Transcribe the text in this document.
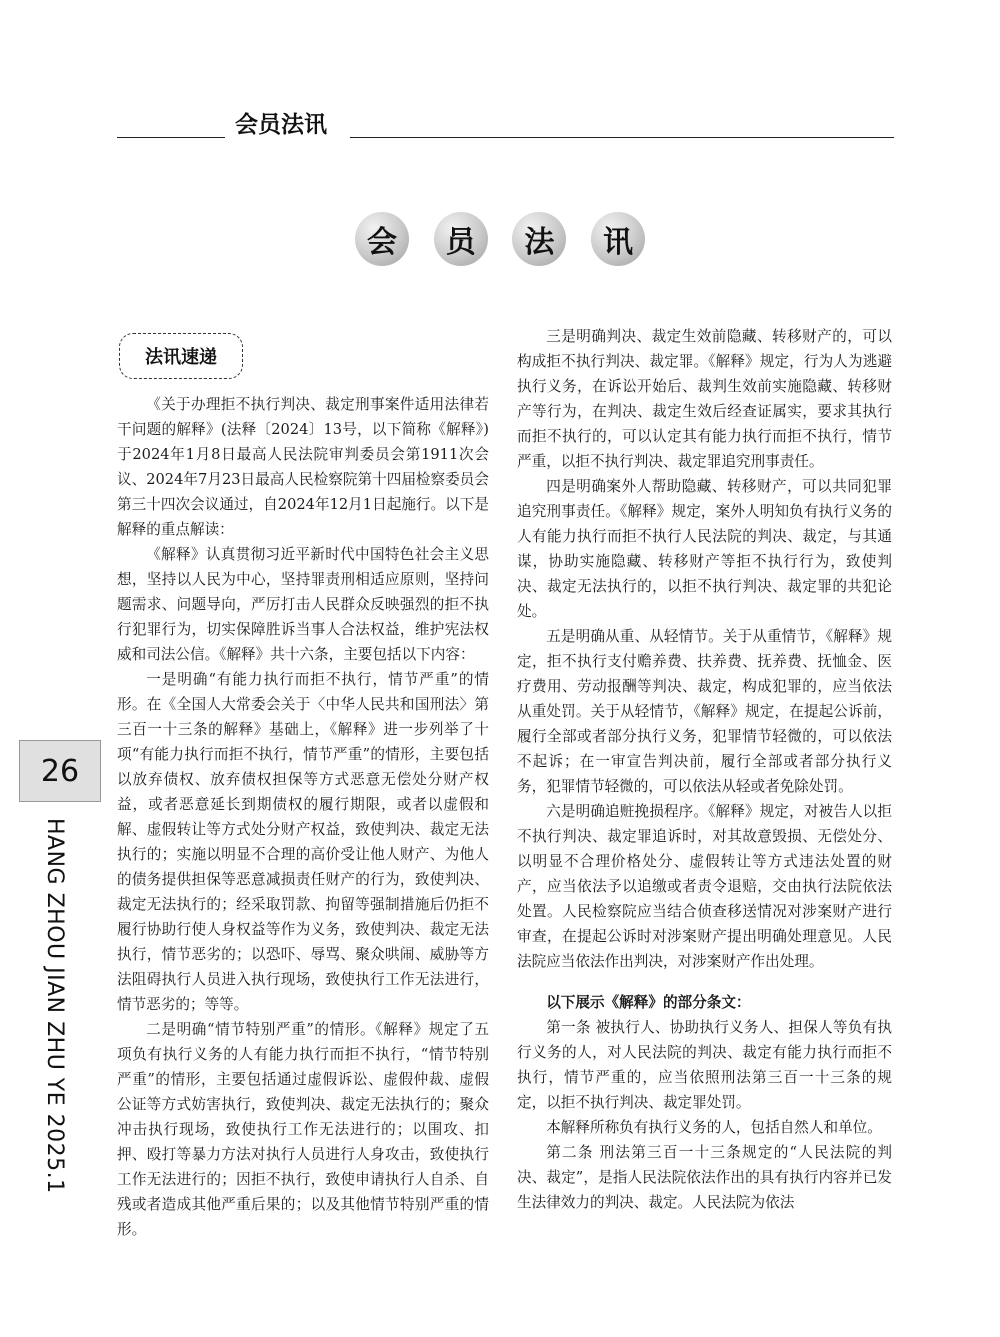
会员法讯
会	员	法	讯
法讯速递

《关于办理拒不执行判决、裁定刑事案件适用法律若干问题的解释》(法释〔2024〕13号，以下简称《解释》)于2024年1月8日最高人民法院审判委员会第1911次会议、2024年7月23日最高人民检察院第十四届检察委员会第三十四次会议通过，自2024年12月1日起施行。以下是解释的重点解读：

《解释》认真贯彻习近平新时代中国特色社会主义思想，坚持以人民为中心，坚持罪责刑相适应原则，坚持问题需求、问题导向，严厉打击人民群众反映强烈的拒不执行犯罪行为，切实保障胜诉当事人合法权益，维护宪法权威和司法公信。《解释》共十六条，主要包括以下内容：

一是明确“有能力执行而拒不执行，情节严重”的情形。在《全国人大常委会关于〈中华人民共和国刑法〉第三百一十三条的解释》基础上，《解释》进一步列举了十项“有能力执行而拒不执行，情节严重”的情形，主要包括以放弃债权、放弃债权担保等方式恶意无偿处分财产权益，或者恶意延长到期债权的履行期限，或者以虚假和解、虚假转让等方式处分财产权益，致使判决、裁定无法执行的；实施以明显不合理的高价受让他人财产、为他人的债务提供担保等恶意减损责任财产的行为，致使判决、裁定无法执行的；经采取罚款、拘留等强制措施后仍拒不履行协助行使人身权益等作为义务，致使判决、裁定无法执行，情节恶劣的；以恐吓、辱骂、聚众哄闹、威胁等方法阻碍执行人员进入执行现场，致使执行工作无法进行，情节恶劣的；等等。

二是明确“情节特别严重”的情形。《解释》规定了五项负有执行义务的人有能力执行而拒不执行，“情节特别严重”的情形，主要包括通过虚假诉讼、虚假仲裁、虚假公证等方式妨害执行，致使判决、裁定无法执行的；聚众冲击执行现场，致使执行工作无法进行的；以围攻、扣押、殴打等暴力方法对执行人员进行人身攻击，致使执行工作无法进行的；因拒不执行，致使申请执行人自杀、自残或者造成其他严重后果的；以及其他情节特别严重的情形。

三是明确判决、裁定生效前隐藏、转移财产的，可以构成拒不执行判决、裁定罪。《解释》规定，行为人为逃避执行义务，在诉讼开始后、裁判生效前实施隐藏、转移财产等行为，在判决、裁定生效后经查证属实，要求其执行而拒不执行的，可以认定其有能力执行而拒不执行，情节严重，以拒不执行判决、裁定罪追究刑事责任。

四是明确案外人帮助隐藏、转移财产，可以共同犯罪追究刑事责任。《解释》规定，案外人明知负有执行义务的人有能力执行而拒不执行人民法院的判决、裁定，与其通谋，协助实施隐藏、转移财产等拒不执行行为，致使判决、裁定无法执行的，以拒不执行判决、裁定罪的共犯论处。

五是明确从重、从轻情节。关于从重情节，《解释》规定，拒不执行支付赡养费、扶养费、抚养费、抚恤金、医疗费用、劳动报酬等判决、裁定，构成犯罪的，应当依法从重处罚。关于从轻情节，《解释》规定，在提起公诉前，履行全部或者部分执行义务，犯罪情节轻微的，可以依法不起诉；在一审宣告判决前，履行全部或者部分执行义务，犯罪情节轻微的，可以依法从轻或者免除处罚。

六是明确追赃挽损程序。《解释》规定，对被告人以拒不执行判决、裁定罪追诉时，对其故意毁损、无偿处分、以明显不合理价格处分、虚假转让等方式违法处置的财产，应当依法予以追缴或者责令退赔，交由执行法院依法处置。人民检察院应当结合侦查移送情况对涉案财产进行审查，在提起公诉时对涉案财产提出明确处理意见。人民法院应当依法作出判决，对涉案财产作出处理。

以下展示《解释》的部分条文：

第一条 被执行人、协助执行义务人、担保人等负有执行义务的人，对人民法院的判决、裁定有能力执行而拒不执行，情节严重的，应当依照刑法第三百一十三条的规定，以拒不执行判决、裁定罪处罚。

本解释所称负有执行义务的人，包括自然人和单位。

第二条 刑法第三百一十三条规定的“人民法院的判决、裁定”，是指人民法院依法作出的具有执行内容并已发生法律效力的判决、裁定。人民法院为依法

26
HANG ZHOU JIAN ZHU YE 2025.1
